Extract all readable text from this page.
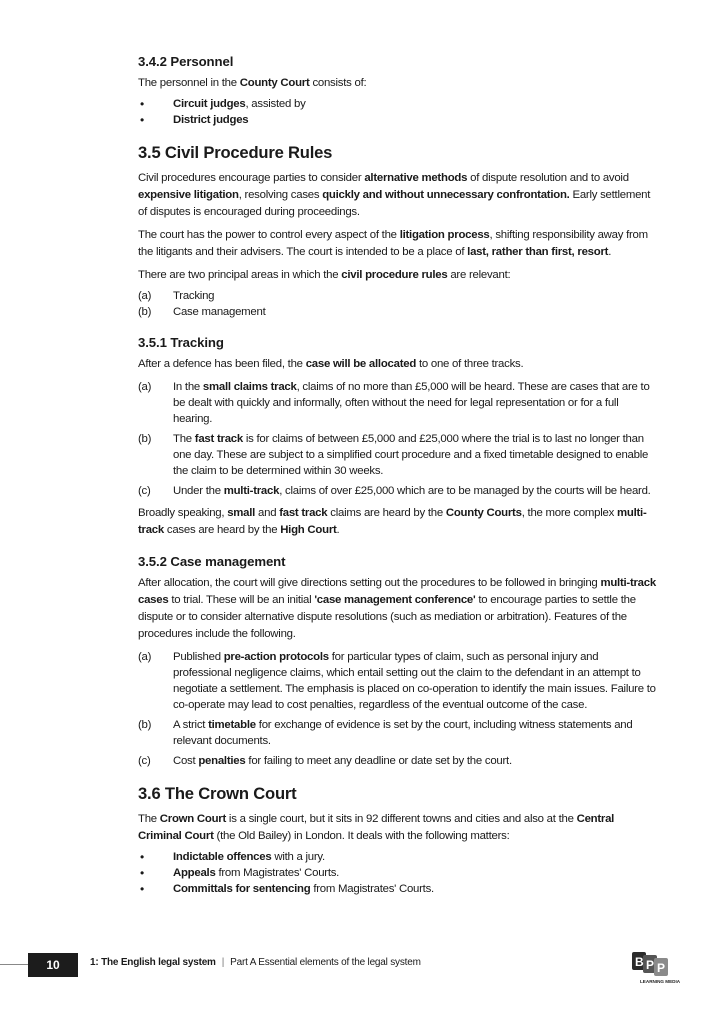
3.4.2 Personnel

The personnel in the County Court consists of:

•	Circuit judges, assisted by
•	District judges
3.5 Civil Procedure Rules

Civil procedures encourage parties to consider alternative methods of dispute resolution and to avoid expensive litigation, resolving cases quickly and without unnecessary confrontation. Early settlement of disputes is encouraged during proceedings.

The court has the power to control every aspect of the litigation process, shifting responsibility away from the litigants and their advisers. The court is intended to be a place of last, rather than first, resort.

There are two principal areas in which the civil procedure rules are relevant:

(a) Tracking
(b) Case management
3.5.1 Tracking

After a defence has been filed, the case will be allocated to one of three tracks.

(a) In the small claims track, claims of no more than £5,000 will be heard. These are cases that are to be dealt with quickly and informally, often without the need for legal representation or for a full hearing.
(b) The fast track is for claims of between £5,000 and £25,000 where the trial is to last no longer than one day. These are subject to a simplified court procedure and a fixed timetable designed to enable the claim to be determined within 30 weeks.
(c) Under the multi-track, claims of over £25,000 which are to be managed by the courts will be heard.

Broadly speaking, small and fast track claims are heard by the County Courts, the more complex multi-track cases are heard by the High Court.

3.5.2 Case management

After allocation, the court will give directions setting out the procedures to be followed in bringing multi-track cases to trial. These will be an initial 'case management conference' to encourage parties to settle the dispute or to consider alternative dispute resolutions (such as mediation or arbitration). Features of the procedures include the following.

(a) Published pre-action protocols for particular types of claim, such as personal injury and professional negligence claims, which entail setting out the claim to the defendant in an attempt to negotiate a settlement. The emphasis is placed on co-operation to identify the main issues. Failure to co-operate may lead to cost penalties, regardless of the eventual outcome of the case.
(b) A strict timetable for exchange of evidence is set by the court, including witness statements and relevant documents.
(c) Cost penalties for failing to meet any deadline or date set by the court.
3.6 The Crown Court

The Crown Court is a single court, but it sits in 92 different towns and cities and also at the Central Criminal Court (the Old Bailey) in London. It deals with the following matters:

•	Indictable offences with a jury.
•	Appeals from Magistrates' Courts.
•	Committals for sentencing from Magistrates' Courts.
10	1: The English legal system | Part A Essential elements of the legal system	B P P
LEARNING MEDIA
